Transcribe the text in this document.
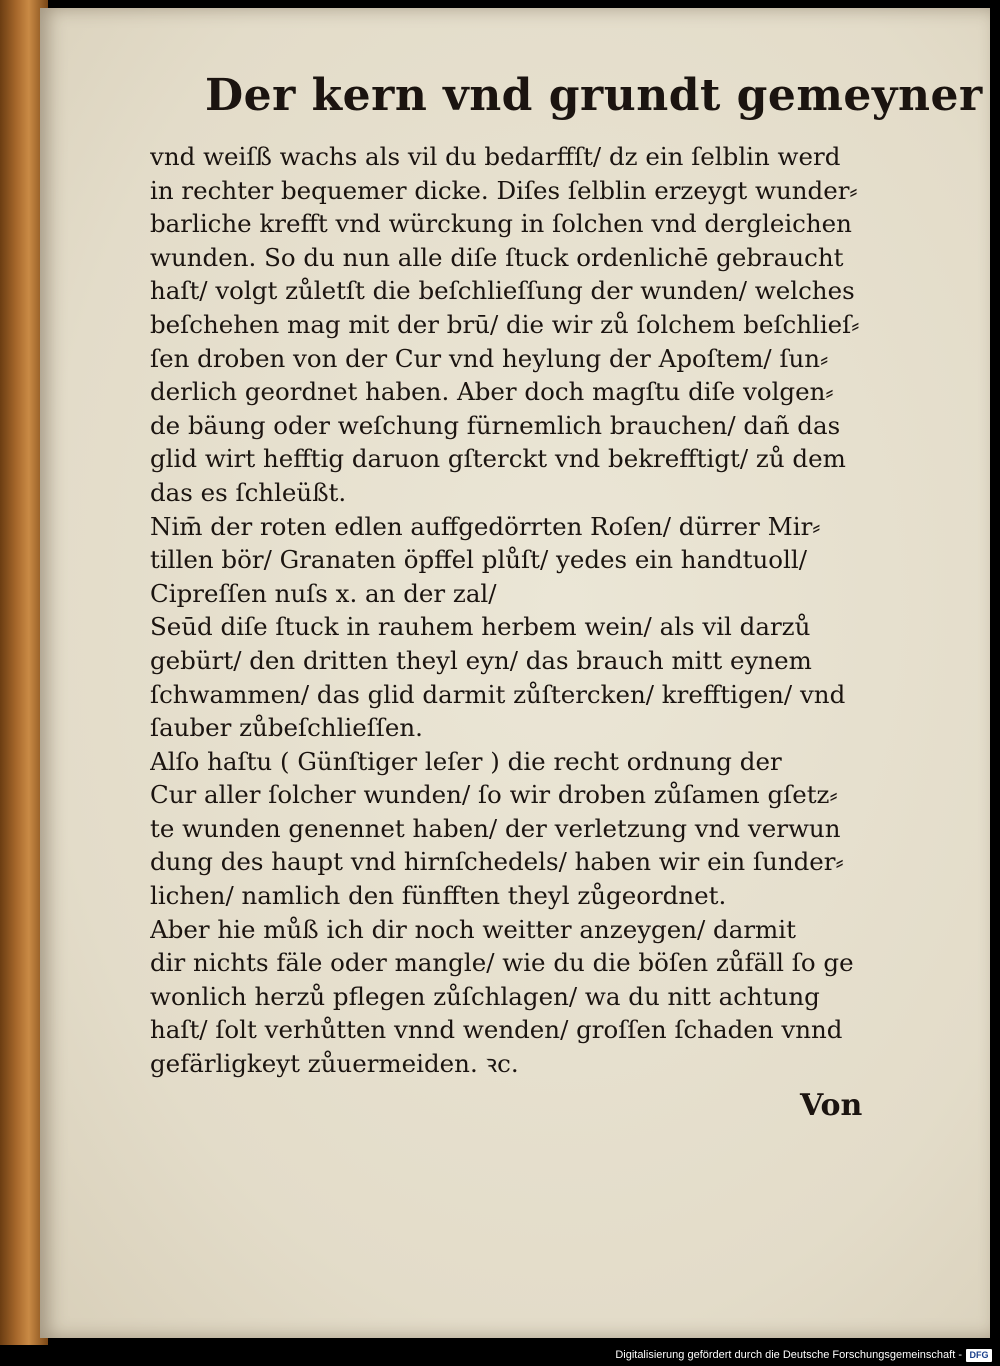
Der kern vnd grundt gemeyner
vnd weiſß wachs als vil du bedarffſt/ dz ein ſelblin werd
in rechter bequemer dicke. Diſes ſelblin erzeygt wunder⸗
barliche krefft vnd würckung in ſolchen vnd dergleichen
wunden. So du nun alle diſe ſtuck ordenlichē gebraucht
haſt/ volgt zůletſt die beſchlieſſung der wunden/ welches
beſchehen mag mit der brū/ die wir zů ſolchem beſchlieſ⸗
ſen droben von der Cur vnd heylung der Apoſtem/ ſun⸗
derlich geordnet haben. Aber doch magſtu diſe volgen⸗
de bäung oder weſchung fürnemlich brauchen/ dañ das
glid wirt hefftig daruon gſterckt vnd bekrefftigt/ zů dem
das es ſchleüßt.
Nim̄ der roten edlen auffgedörrten Roſen/ dürrer Mir⸗
tillen bör/ Granaten öpffel plůſt/ yedes ein handtuoll/
Cipreſſen nuſs x. an der zal/
Seūd diſe ſtuck in rauhem herbem wein/ als vil darzů
gebürt/ den dritten theyl eyn/ das brauch mitt eynem
ſchwammen/ das glid darmit zůſtercken/ krefftigen/ vnd
ſauber zůbeſchlieſſen.
Alſo haſtu ( Günſtiger leſer ) die recht ordnung der
Cur aller ſolcher wunden/ ſo wir droben zůſamen gſetz⸗
te wunden genennet haben/ der verletzung vnd verwun
dung des haupt vnd hirnſchedels/ haben wir ein ſunder⸗
lichen/ namlich den fünfften theyl zůgeordnet.
Aber hie můß ich dir noch weitter anzeygen/ darmit
dir nichts fäle oder mangle/ wie du die böſen zůfäll ſo ge
wonlich herzů pflegen zůſchlagen/ wa du nitt achtung
haſt/ ſolt verhůtten vnnd wenden/ groſſen ſchaden vnnd
gefärligkeyt zůuermeiden. ꝛc.
Von
Digitalisierung gefördert durch die Deutsche Forschungsgemeinschaft - DFG
